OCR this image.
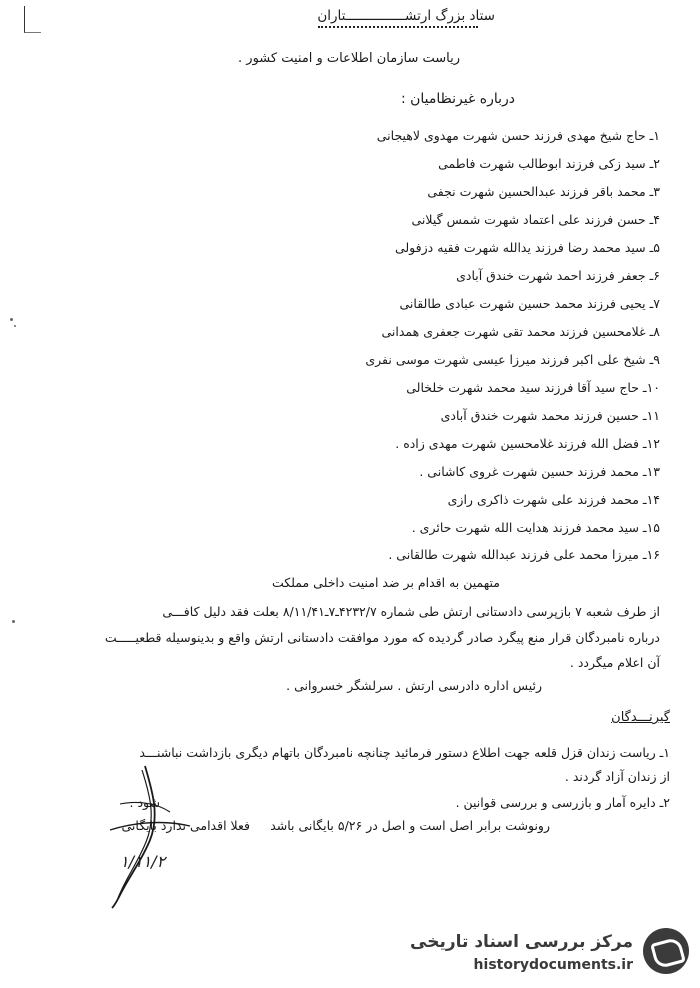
ستاد بزرگ ارتشـــــــــــــــتاران
ریاست سازمان اطلاعات و امنیت کشور .
درباره غیرنظامیان :
۱ـ حاج شیخ مهدی فرزند حسن شهرت مهدوی لاهیجانی
۲ـ سید زکی فرزند ابوطالب شهرت فاطمی
۳ـ محمد باقر فرزند عبدالحسین شهرت نجفی
۴ـ حسن فرزند علی اعتماد شهرت شمس گیلانی
۵ـ سید محمد رضا فرزند یدالله شهرت فقیه دزفولی
۶ـ جعفر فرزند احمد شهرت خندق آبادی
۷ـ یحیی فرزند محمد حسین شهرت عبادی طالقانی
۸ـ غلامحسین فرزند محمد تقی شهرت جعفری همدانی
۹ـ شیخ علی اکبر فرزند میرزا عیسی شهرت موسی نفری
۱۰ـ حاج سید آقا فرزند سید محمد شهرت خلخالی
۱۱ـ حسین فرزند محمد شهرت خندق آبادی
۱۲ـ فضل الله فرزند غلامحسین شهرت مهدی زاده .
۱۳ـ محمد فرزند حسین شهرت غروی کاشانی .
۱۴ـ محمد فرزند علی شهرت ذاکری رازی
۱۵ـ سید محمد فرزند هدایت الله شهرت حائری .
۱۶ـ میرزا محمد علی فرزند عبدالله شهرت طالقانی .
متهمین به اقدام بر ضد امنیت داخلی مملکت
از طرف شعبه ۷ بازپرسی دادستانی ارتش طی شماره ۴۲۳۲/۷ـ۷ـ۸/۱۱/۴۱ بعلت فقد دلیل کافـــی
درباره نامبردگان قرار منع پیگرد صادر گردیده که مورد موافقت دادستانی ارتش واقع و بدینوسیله قطعیـــــت
آن اعلام میگردد .
رئیس اداره دادرسی ارتش . سرلشگر خسروانی .
گیرنـــدگان
۱ـ ریاست زندان قزل قلعه جهت اطلاع دستور فرمائید چنانچه نامبردگان باتهام دیگری بازداشت نباشنـــد
از زندان آزاد گردند .
۲ـ دایره آمار و بازرسی و بررسی قوانین .
رونوشت برابر اصل است و اصل در ۵/۲۶ بایگانی باشد
فعلا اقدامی ندارد بایگانی
شود .
۱/۱۱/۲
مرکز بررسی اسناد تاریخی
historydocuments.ir
